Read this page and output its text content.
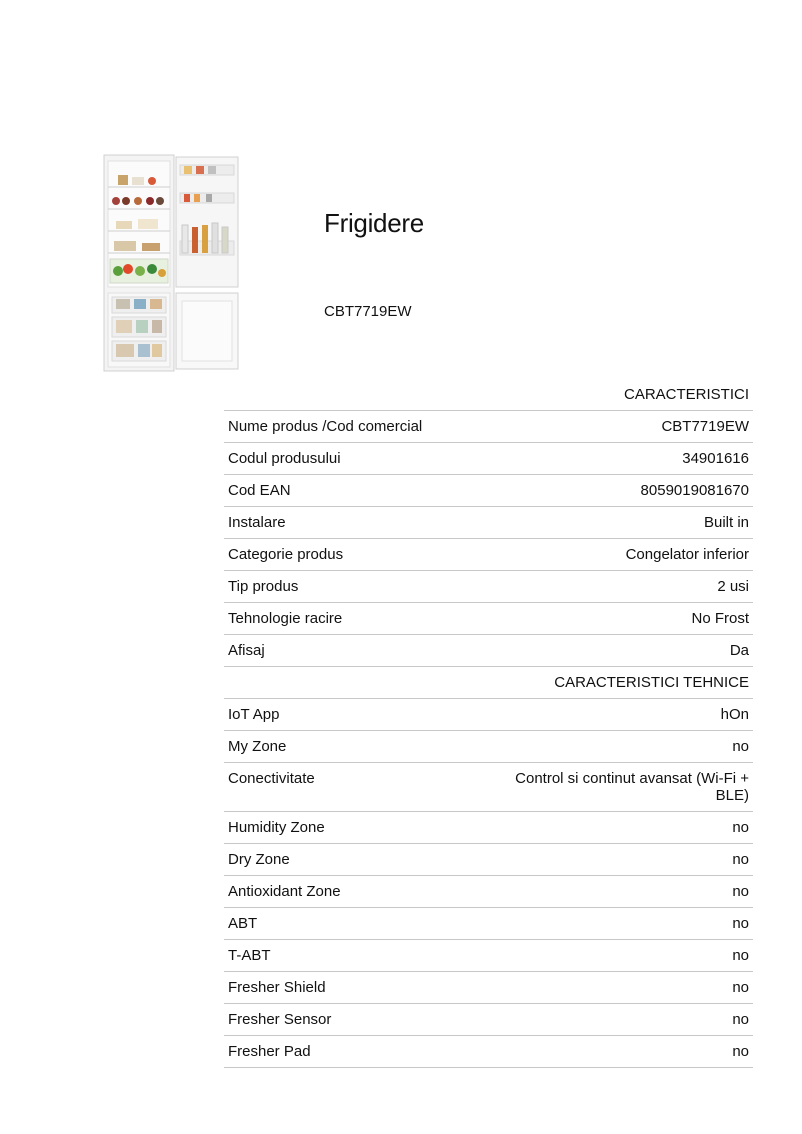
Frigidere
CBT7719EW
CARACTERISTICI	
Nume produs /Cod comercial	CBT7719EW
Codul produsului	34901616
Cod EAN	8059019081670
Instalare	Built in
Categorie produs	Congelator inferior
Tip produs	2 usi
Tehnologie racire	No Frost
Afisaj	Da
CARACTERISTICI TEHNICE	
IoT App	hOn
My Zone	no
Conectivitate	Control si continut avansat (Wi-Fi + BLE)
Humidity Zone	no
Dry Zone	no
Antioxidant Zone	no
ABT	no
T-ABT	no
Fresher Shield	no
Fresher Sensor	no
Fresher Pad	no
